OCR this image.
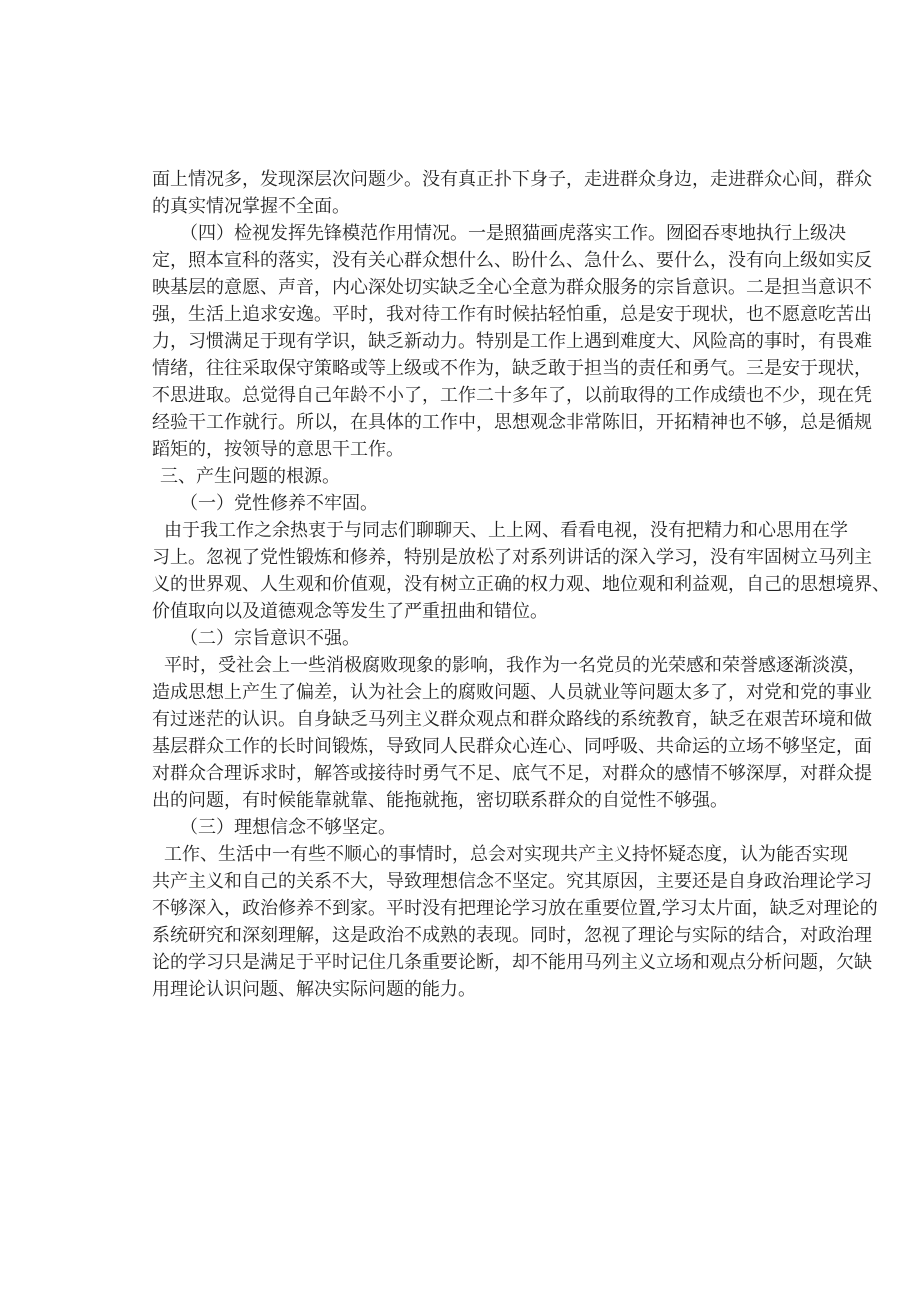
面上情况多，发现深层次问题少。没有真正扑下身子，走进群众身边，走进群众心间，群众
的真实情况掌握不全面。
（四）检视发挥先锋模范作用情况。一是照猫画虎落实工作。囫囵吞枣地执行上级决
定，照本宣科的落实，没有关心群众想什么、盼什么、急什么、要什么，没有向上级如实反
映基层的意愿、声音，内心深处切实缺乏全心全意为群众服务的宗旨意识。二是担当意识不
强，生活上追求安逸。平时，我对待工作有时候拈轻怕重，总是安于现状，也不愿意吃苦出
力，习惯满足于现有学识，缺乏新动力。特别是工作上遇到难度大、风险高的事时，有畏难
情绪，往往采取保守策略或等上级或不作为，缺乏敢于担当的责任和勇气。三是安于现状，
不思进取。总觉得自己年龄不小了，工作二十多年了，以前取得的工作成绩也不少，现在凭
经验干工作就行。所以，在具体的工作中，思想观念非常陈旧，开拓精神也不够，总是循规
蹈矩的，按领导的意思干工作。
三、产生问题的根源。
（一）党性修养不牢固。
由于我工作之余热衷于与同志们聊聊天、上上网、看看电视，没有把精力和心思用在学
习上。忽视了党性锻炼和修养，特别是放松了对系列讲话的深入学习，没有牢固树立马列主
义的世界观、人生观和价值观，没有树立正确的权力观、地位观和利益观，自己的思想境界、
价值取向以及道德观念等发生了严重扭曲和错位。
（二）宗旨意识不强。
平时，受社会上一些消极腐败现象的影响，我作为一名党员的光荣感和荣誉感逐渐淡漠，
造成思想上产生了偏差，认为社会上的腐败问题、人员就业等问题太多了，对党和党的事业
有过迷茫的认识。自身缺乏马列主义群众观点和群众路线的系统教育，缺乏在艰苦环境和做
基层群众工作的长时间锻炼，导致同人民群众心连心、同呼吸、共命运的立场不够坚定，面
对群众合理诉求时，解答或接待时勇气不足、底气不足，对群众的感情不够深厚，对群众提
出的问题，有时候能靠就靠、能拖就拖，密切联系群众的自觉性不够强。
（三）理想信念不够坚定。
工作、生活中一有些不顺心的事情时，总会对实现共产主义持怀疑态度，认为能否实现
共产主义和自己的关系不大，导致理想信念不坚定。究其原因，主要还是自身政治理论学习
不够深入，政治修养不到家。平时没有把理论学习放在重要位置,学习太片面，缺乏对理论的
系统研究和深刻理解，这是政治不成熟的表现。同时，忽视了理论与实际的结合，对政治理
论的学习只是满足于平时记住几条重要论断，却不能用马列主义立场和观点分析问题，欠缺
用理论认识问题、解决实际问题的能力。
